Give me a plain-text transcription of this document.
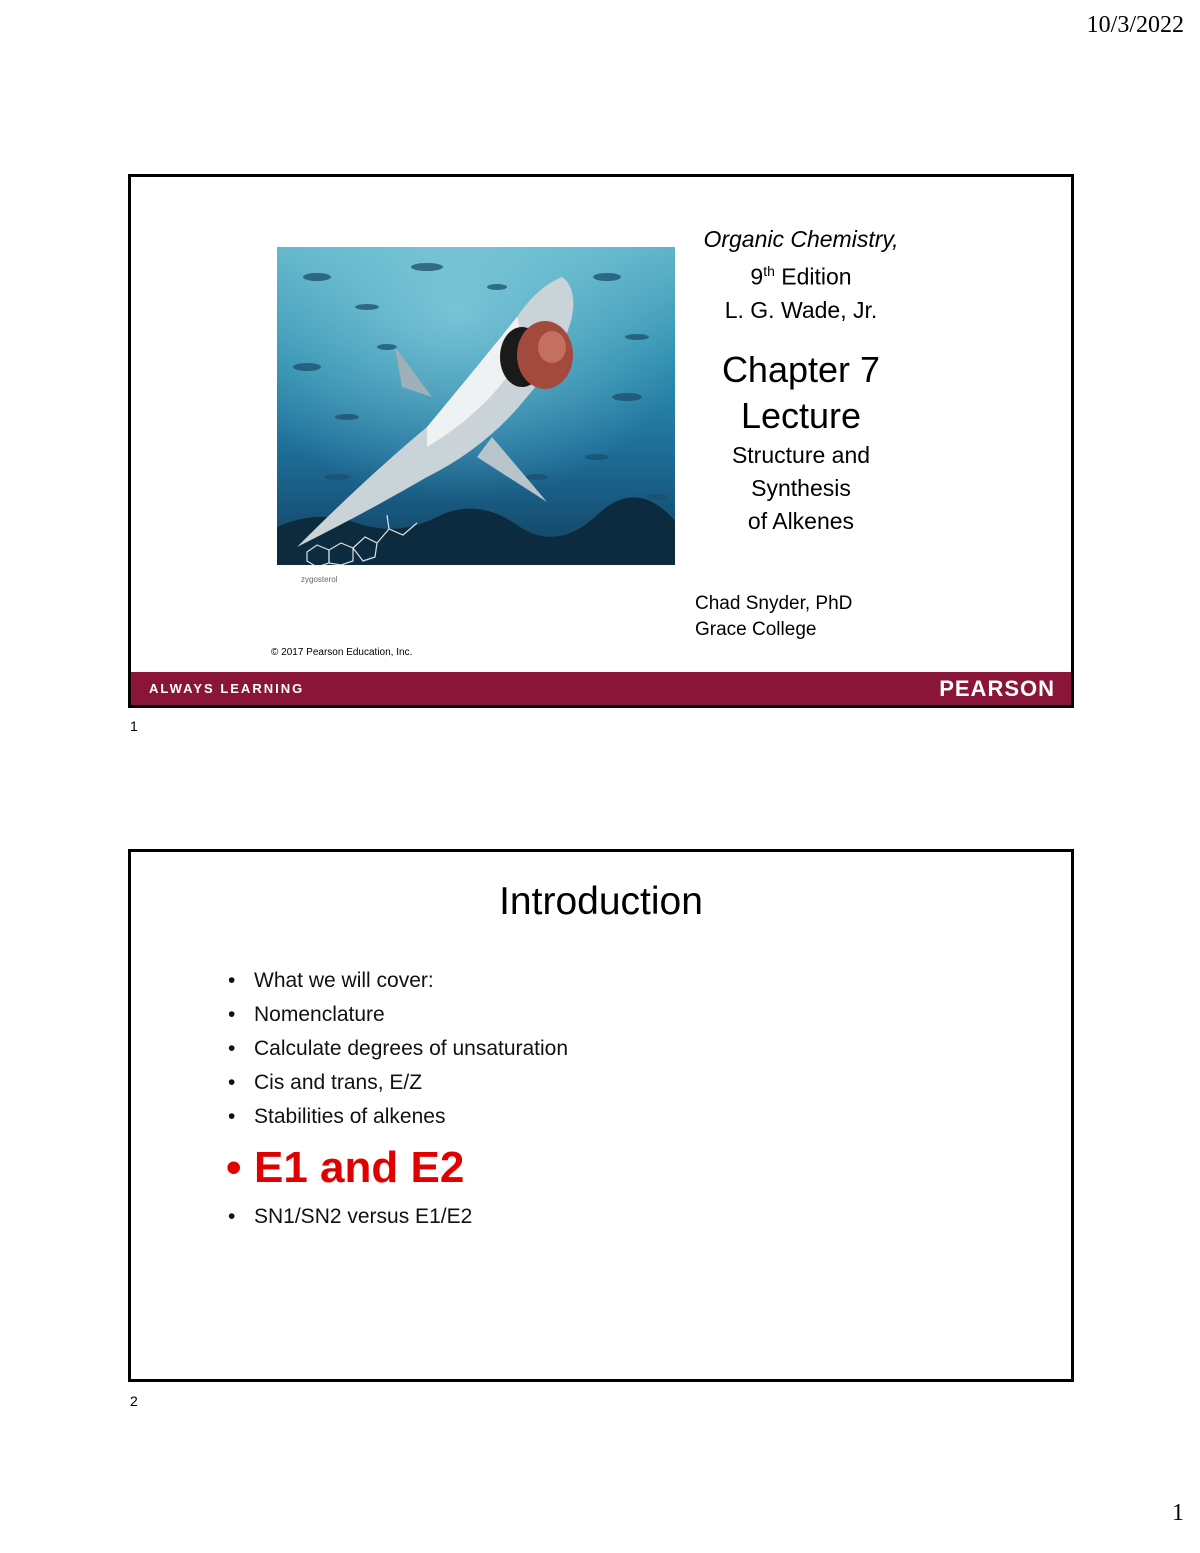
10/3/2022
zygosterol
© 2017 Pearson Education, Inc.
Organic Chemistry,
9th Edition
L. G. Wade, Jr.
Chapter 7
Lecture
Structure and
Synthesis
of Alkenes
Chad Snyder, PhD
Grace College
ALWAYS LEARNING	PEARSON
1
Introduction
• What we will cover:
• Nomenclature
• Calculate degrees of unsaturation
• Cis and trans, E/Z
• Stabilities of alkenes
• E1 and E2
• SN1/SN2 versus E1/E2
2
1
